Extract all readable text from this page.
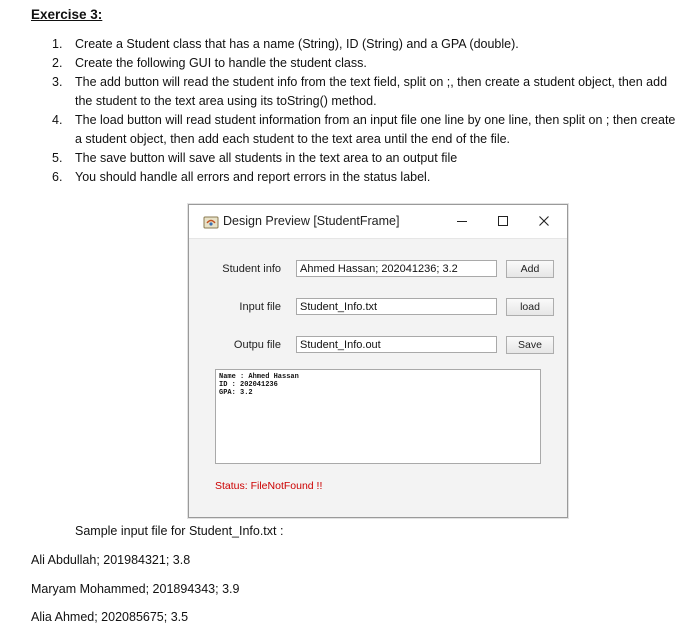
Exercise 3:
1. Create a Student class that has a name (String), ID (String) and a GPA (double).
2. Create the following GUI to handle the student class.
3. The add button will read the student info from the text field, split on ;, then create a student object, then add
the student to the text area using its toString() method.
4. The load button will read student information from an input file one line by one line, then split on ; then create
a student object, then add each student to the text area until the end of the file.
5. The save button will save all students in the text area to an output file
6. You should handle all errors and report errors in the status label.
Design Preview [StudentFrame]
Student info
Ahmed Hassan; 202041236; 3.2	Add
Input file
Student_Info.txt	load
Outpu file
Student_Info.out	Save
Name : Ahmed Hassan
ID : 202041236
GPA: 3.2
Status: FileNotFound !!
Sample input file for Student_Info.txt :
Ali Abdullah; 201984321; 3.8
Maryam Mohammed; 201894343; 3.9
Alia Ahmed; 202085675; 3.5
